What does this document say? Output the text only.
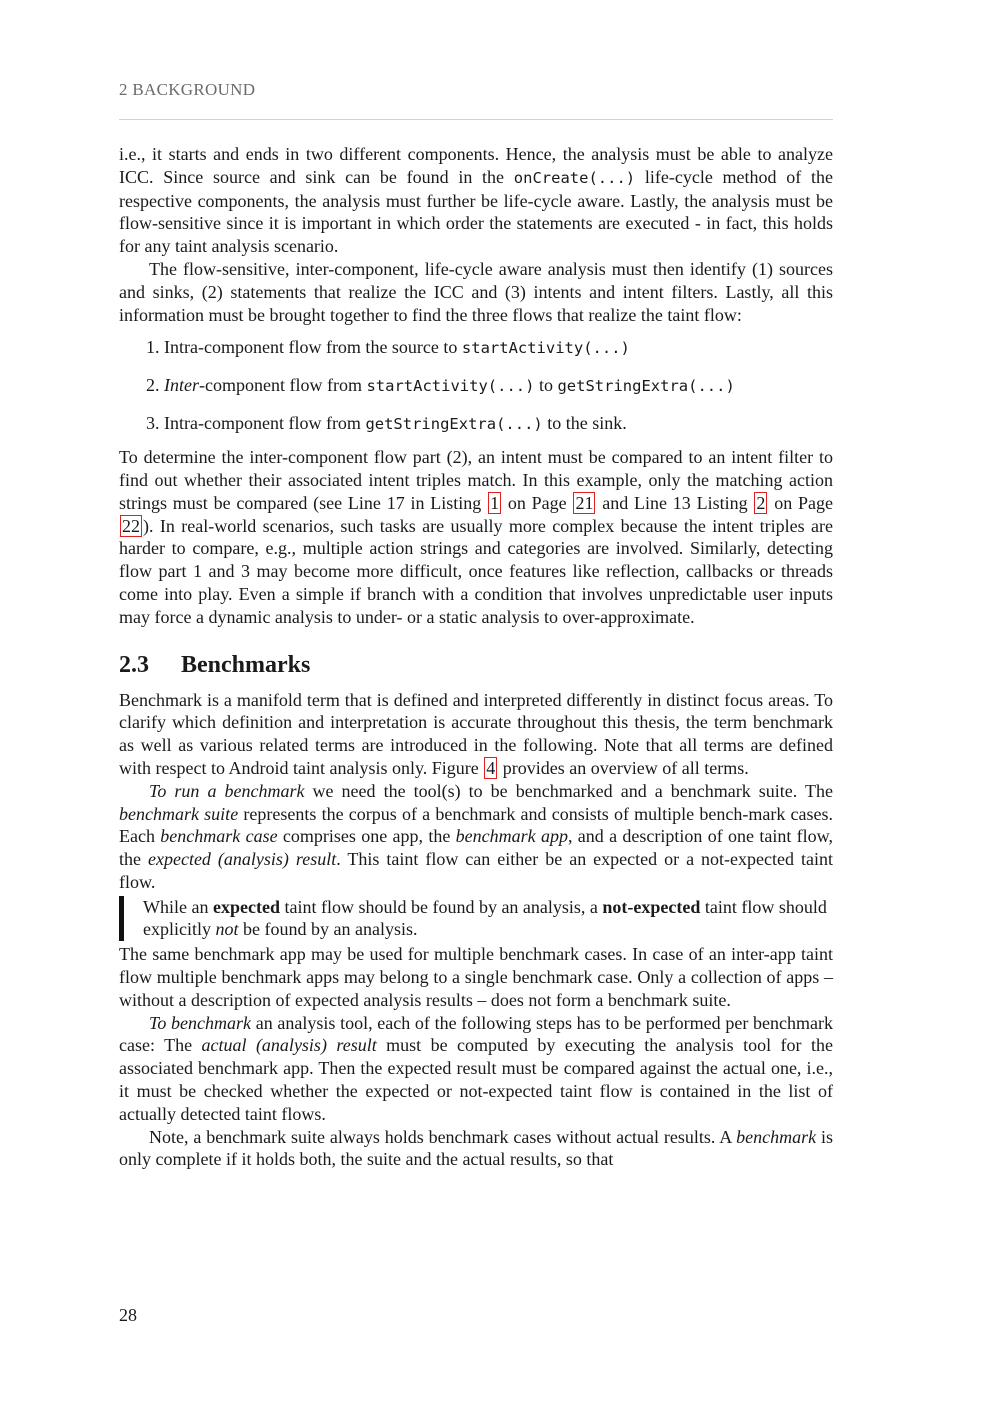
2 BACKGROUND

i.e., it starts and ends in two different components. Hence, the analysis must be able to analyze ICC. Since source and sink can be found in the onCreate(...) life-cycle method of the respective components, the analysis must further be life-cycle aware. Lastly, the analysis must be flow-sensitive since it is important in which order the statements are executed - in fact, this holds for any taint analysis scenario.

The flow-sensitive, inter-component, life-cycle aware analysis must then identify (1) sources and sinks, (2) statements that realize the ICC and (3) intents and intent filters. Lastly, all this information must be brought together to find the three flows that realize the taint flow:

1. Intra-component flow from the source to startActivity(...)
2. Inter-component flow from startActivity(...) to getStringExtra(...)
3. Intra-component flow from getStringExtra(...) to the sink.

To determine the inter-component flow part (2), an intent must be compared to an intent filter to find out whether their associated intent triples match. In this example, only the matching action strings must be compared (see Line 17 in Listing 1 on Page 21 and Line 13 Listing 2 on Page 22 ). In real-world scenarios, such tasks are usually more complex because the intent triples are harder to compare, e.g., multiple action strings and categories are involved. Similarly, detecting flow part 1 and 3 may become more difficult, once features like reflection, callbacks or threads come into play. Even a simple if branch with a condition that involves unpredictable user inputs may force a dynamic analysis to under- or a static analysis to over-approximate.

2.3 Benchmarks

Benchmark is a manifold term that is defined and interpreted differently in distinct focus areas. To clarify which definition and interpretation is accurate throughout this thesis, the term benchmark as well as various related terms are introduced in the following. Note that all terms are defined with respect to Android taint analysis only. Figure 4 provides an overview of all terms.

To run a benchmark we need the tool(s) to be benchmarked and a benchmark suite. The benchmark suite represents the corpus of a benchmark and consists of multiple bench-mark cases. Each benchmark case comprises one app, the benchmark app, and a description of one taint flow, the expected (analysis) result. This taint flow can either be an expected or a not-expected taint flow.

While an expected taint flow should be found by an analysis, a not-expected taint flow should explicitly not be found by an analysis.

The same benchmark app may be used for multiple benchmark cases. In case of an inter-app taint flow multiple benchmark apps may belong to a single benchmark case. Only a collection of apps – without a description of expected analysis results – does not form a benchmark suite.

To benchmark an analysis tool, each of the following steps has to be performed per benchmark case: The actual (analysis) result must be computed by executing the analysis tool for the associated benchmark app. Then the expected result must be compared against the actual one, i.e., it must be checked whether the expected or not-expected taint flow is contained in the list of actually detected taint flows.

Note, a benchmark suite always holds benchmark cases without actual results. A benchmark is only complete if it holds both, the suite and the actual results, so that

28
